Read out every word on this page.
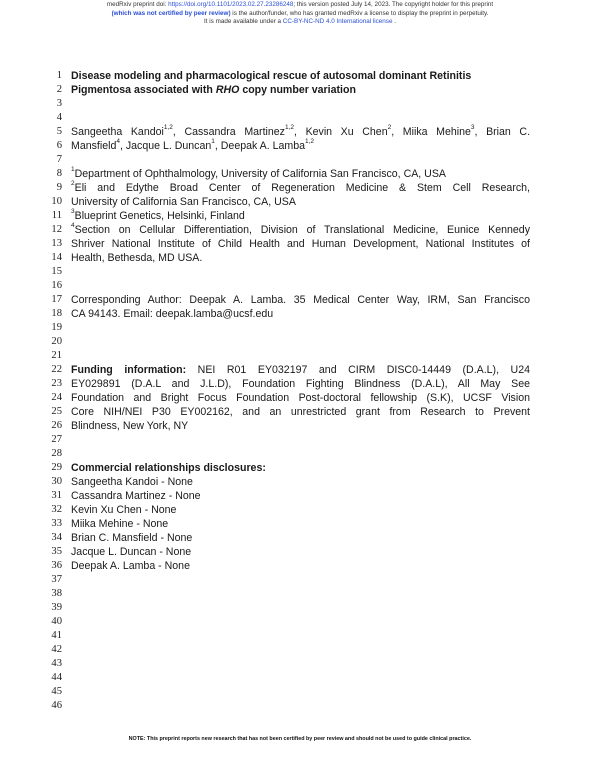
medRxiv preprint doi: https://doi.org/10.1101/2023.02.27.23286248; this version posted July 14, 2023. The copyright holder for this preprint
(which was not certified by peer review) is the author/funder, who has granted medRxiv a license to display the preprint in perpetuity.
It is made available under a CC-BY-NC-ND 4.0 International license .
1
2
3
4
5
6
7
8
9
10
11
12
13
14
15
16
17
18
19
20
21
22
23
24
25
26
27
28
29
30
31
32
33
34
35
36
37
38
39
40
41
42
43
44
45
46
Disease modeling and pharmacological rescue of autosomal dominant Retinitis
Pigmentosa associated with RHO copy number variation
Sangeetha Kandoi$^{1,2}$, Cassandra Martinez$^{1,2}$, Kevin Xu Chen$^2$, Miika Mehine$^3$, Brian C.
Mansfield$^4$, Jacque L. Duncan$^1$, Deepak A. Lamba$^{1,2}$
$^1$Department of Ophthalmology, University of California San Francisco, CA, USA
$^2$Eli and Edythe Broad Center of Regeneration Medicine & Stem Cell Research,
University of California San Francisco, CA, USA
$^3$Blueprint Genetics, Helsinki, Finland
$^4$Section on Cellular Differentiation, Division of Translational Medicine, Eunice Kennedy
Shriver National Institute of Child Health and Human Development, National Institutes of
Health, Bethesda, MD USA.
Corresponding Author: Deepak A. Lamba. 35 Medical Center Way, IRM, San Francisco
CA 94143. Email: deepak.lamba@ucsf.edu
Funding information: NEI R01 EY032197 and CIRM DISC0-14449 (D.A.L), U24
EY029891 (D.A.L and J.L.D), Foundation Fighting Blindness (D.A.L), All May See
Foundation and Bright Focus Foundation Post-doctoral fellowship (S.K), UCSF Vision
Core NIH/NEI P30 EY002162, and an unrestricted grant from Research to Prevent
Blindness, New York, NY
Commercial relationships disclosures:
Sangeetha Kandoi - None
Cassandra Martinez - None
Kevin Xu Chen - None
Miika Mehine - None
Brian C. Mansfield - None
Jacque L. Duncan - None
Deepak A. Lamba - None
NOTE: This preprint reports new research that has not been certified by peer review and should not be used to guide clinical practice.
